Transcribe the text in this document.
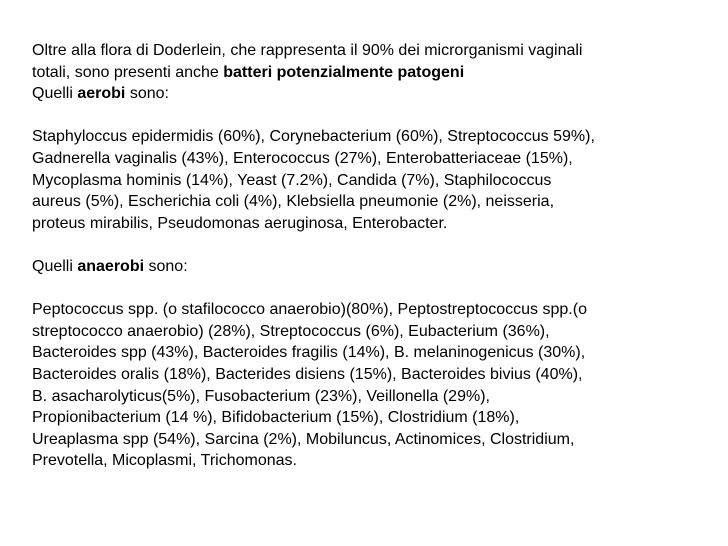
Oltre alla flora di Doderlein, che rappresenta il 90% dei microrganismi vaginali
totali, sono presenti anche batteri potenzialmente patogeni
Quelli aerobi sono:
Staphyloccus epidermidis (60%), Corynebacterium (60%), Streptococcus 59%),
Gadnerella vaginalis (43%), Enterococcus (27%), Enterobatteriaceae (15%),
Mycoplasma hominis (14%), Yeast (7.2%), Candida (7%), Staphilococcus
aureus (5%), Escherichia coli (4%), Klebsiella pneumonie (2%), neisseria,
proteus mirabilis, Pseudomonas aeruginosa, Enterobacter.
Quelli anaerobi sono:
Peptococcus spp. (o stafilococco anaerobio)(80%), Peptostreptococcus spp.(o
streptococco anaerobio) (28%), Streptococcus (6%), Eubacterium (36%),
Bacteroides spp (43%), Bacteroides fragilis (14%), B. melaninogenicus (30%),
Bacteroides oralis (18%), Bacterides disiens (15%), Bacteroides bivius (40%),
B. asacharolyticus(5%), Fusobacterium (23%), Veillonella (29%),
Propionibacterium (14 %), Bifidobacterium (15%), Clostridium (18%),
Ureaplasma spp (54%), Sarcina (2%), Mobiluncus, Actinomices, Clostridium,
Prevotella, Micoplasmi, Trichomonas.
